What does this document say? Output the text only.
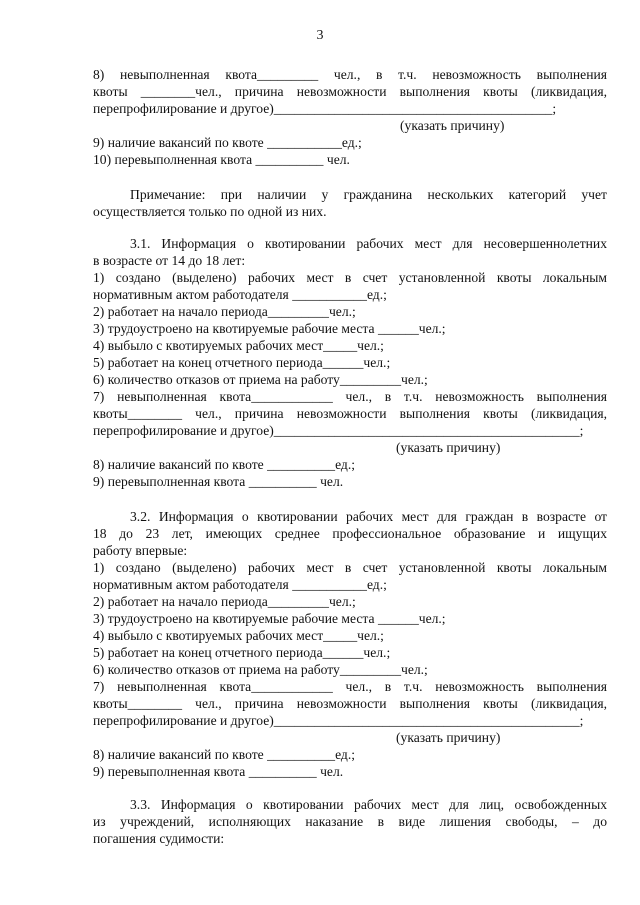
3
8) невыполненная квота_________ чел., в т.ч. невозможность выполнения
квоты ________чел., причина невозможности выполнения квоты (ликвидация,
перепрофилирование и другое)_________________________________________;
(указать причину)
9) наличие вакансий по квоте ___________ед.;
10) перевыполненная квота __________ чел.
Примечание: при наличии у гражданина нескольких категорий учет
осуществляется только по одной из них.
3.1. Информация о квотировании рабочих мест для несовершеннолетних
в возрасте от 14 до 18 лет:
1) создано (выделено) рабочих мест в счет установленной квоты локальным
нормативным актом работодателя ___________ед.;
2) работает на начало периода_________чел.;
3) трудоустроено на квотируемые рабочие места ______чел.;
4) выбыло с квотируемых рабочих мест_____чел.;
5) работает на конец отчетного периода______чел.;
6) количество отказов от приема на работу_________чел.;
7) невыполненная квота____________ чел., в т.ч. невозможность выполнения
квоты________ чел., причина невозможности выполнения квоты (ликвидация,
перепрофилирование и другое)_____________________________________________;
(указать причину)
8) наличие вакансий по квоте __________ед.;
9) перевыполненная квота __________ чел.
3.2. Информация о квотировании рабочих мест для граждан в возрасте от
18 до 23 лет, имеющих среднее профессиональное образование и ищущих
работу впервые:
1) создано (выделено) рабочих мест в счет установленной квоты локальным
нормативным актом работодателя ___________ед.;
2) работает на начало периода_________чел.;
3) трудоустроено на квотируемые рабочие места ______чел.;
4) выбыло с квотируемых рабочих мест_____чел.;
5) работает на конец отчетного периода______чел.;
6) количество отказов от приема на работу_________чел.;
7) невыполненная квота____________ чел., в т.ч. невозможность выполнения
квоты________ чел., причина невозможности выполнения квоты (ликвидация,
перепрофилирование и другое)_____________________________________________;
(указать причину)
8) наличие вакансий по квоте __________ед.;
9) перевыполненная квота __________ чел.
3.3. Информация о квотировании рабочих мест для лиц, освобожденных
из учреждений, исполняющих наказание в виде лишения свободы, – до
погашения судимости:
